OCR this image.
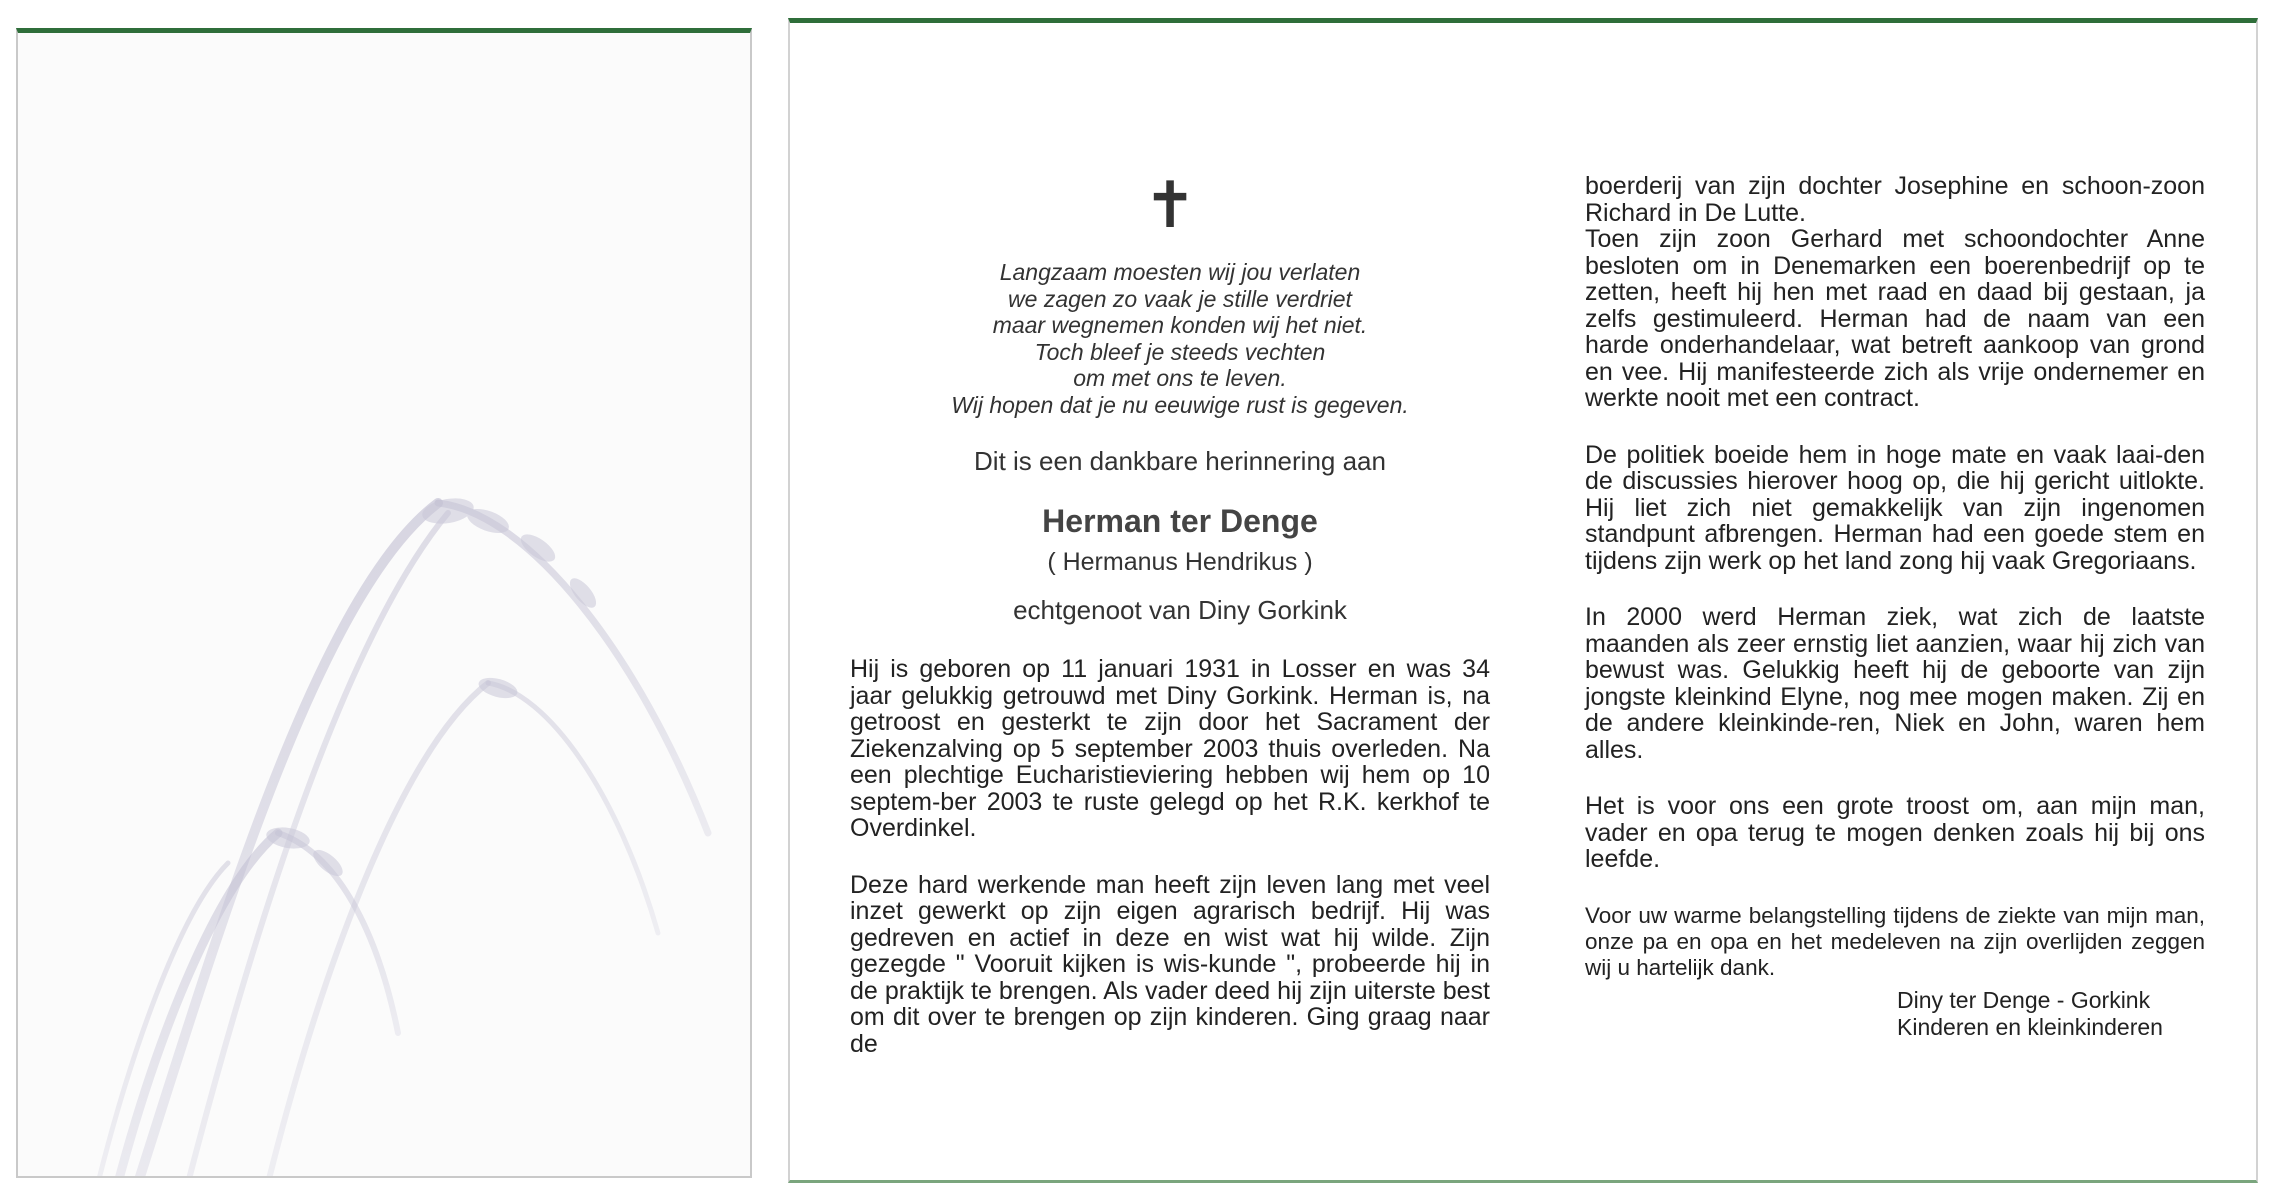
✝
Langzaam moesten wij jou verlaten
we zagen zo vaak je stille verdriet
maar wegnemen konden wij het niet.
Toch bleef je steeds vechten
om met ons te leven.
Wij hopen dat je nu eeuwige rust is gegeven.
Dit is een dankbare herinnering aan
Herman ter Denge
( Hermanus Hendrikus )
echtgenoot van Diny Gorkink
Hij is geboren op 11 januari 1931 in Losser en was 34 jaar gelukkig getrouwd met Diny Gorkink. Herman is, na getroost en gesterkt te zijn door het Sacrament der Ziekenzalving op 5 september 2003 thuis overleden. Na een plechtige Eucharistieviering hebben wij hem op 10 septem-ber 2003 te ruste gelegd op het R.K. kerkhof te Overdinkel.
Deze hard werkende man heeft zijn leven lang met veel inzet gewerkt op zijn eigen agrarisch bedrijf. Hij was gedreven en actief in deze en wist wat hij wilde. Zijn gezegde " Vooruit kijken is wis-kunde ", probeerde hij in de praktijk te brengen. Als vader deed hij zijn uiterste best om dit over te brengen op zijn kinderen. Ging graag naar de
boerderij van zijn dochter Josephine en schoon-zoon Richard in De Lutte.
Toen zijn zoon Gerhard met schoondochter Anne besloten om in Denemarken een boerenbedrijf op te zetten, heeft hij hen met raad en daad bij gestaan, ja zelfs gestimuleerd. Herman had de naam van een harde onderhandelaar, wat betreft aankoop van grond en vee. Hij manifesteerde zich als vrije ondernemer en werkte nooit met een contract.
De politiek boeide hem in hoge mate en vaak laai-den de discussies hierover hoog op, die hij gericht uitlokte. Hij liet zich niet gemakkelijk van zijn ingenomen standpunt afbrengen. Herman had een goede stem en tijdens zijn werk op het land zong hij vaak Gregoriaans.
In 2000 werd Herman ziek, wat zich de laatste maanden als zeer ernstig liet aanzien, waar hij zich van bewust was. Gelukkig heeft hij de geboorte van zijn jongste kleinkind Elyne, nog mee mogen maken. Zij en de andere kleinkinde-ren, Niek en John, waren hem alles.
Het is voor ons een grote troost om, aan mijn man, vader en opa terug te mogen denken zoals hij bij ons leefde.
Voor uw warme belangstelling tijdens de ziekte van mijn man, onze pa en opa en het medeleven na zijn overlijden zeggen wij u hartelijk dank.
Diny ter Denge - Gorkink
Kinderen en kleinkinderen
